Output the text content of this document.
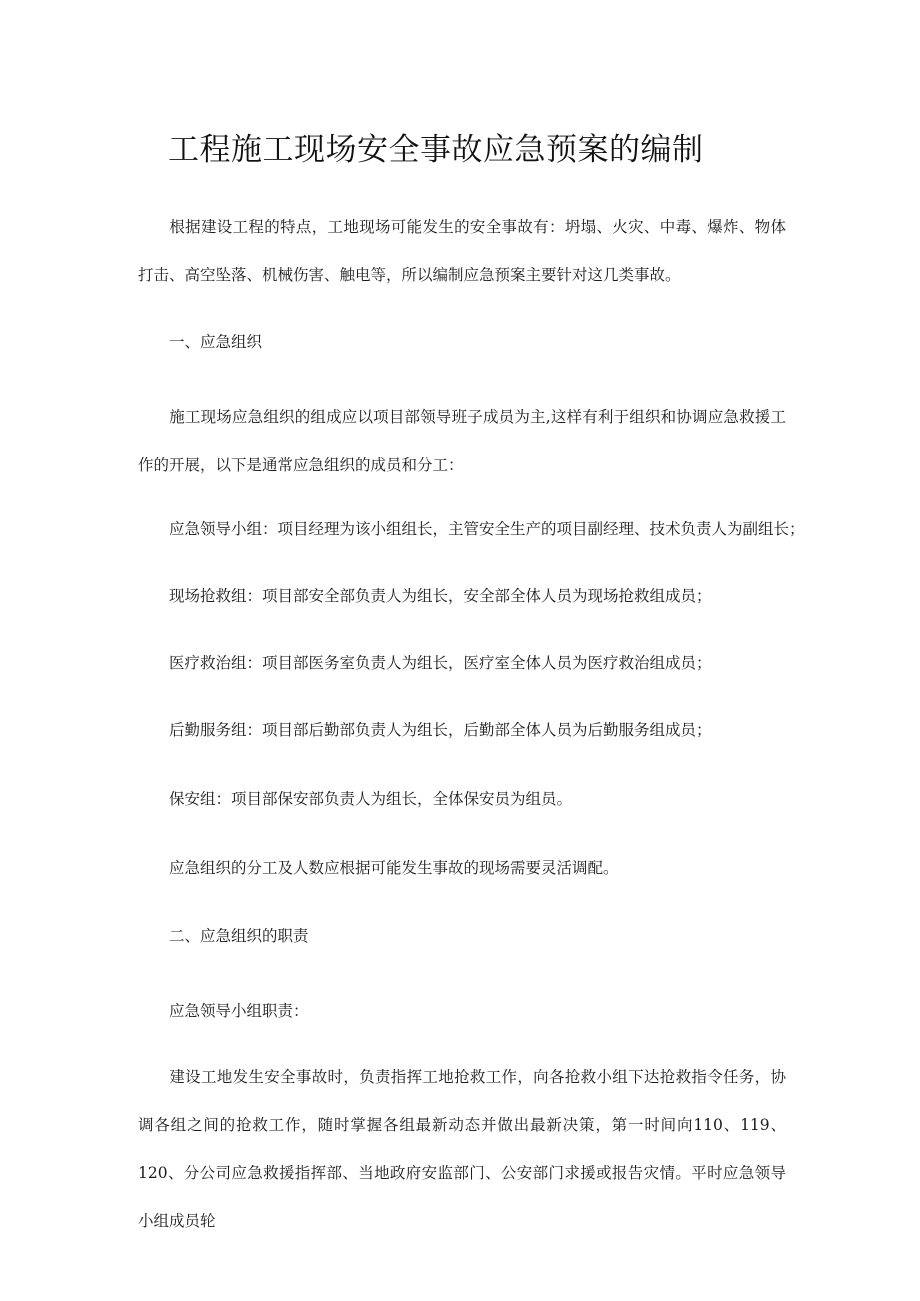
工程施工现场安全事故应急预案的编制

根据建设工程的特点，工地现场可能发生的安全事故有：坍塌、火灾、中毒、爆炸、物体打击、高空坠落、机械伤害、触电等，所以编制应急预案主要针对这几类事故。

一、应急组织

施工现场应急组织的组成应以项目部领导班子成员为主,这样有利于组织和协调应急救援工作的开展，以下是通常应急组织的成员和分工：

应急领导小组：项目经理为该小组组长，主管安全生产的项目副经理、技术负责人为副组长；

现场抢救组：项目部安全部负责人为组长，安全部全体人员为现场抢救组成员；

医疗救治组：项目部医务室负责人为组长，医疗室全体人员为医疗救治组成员；

后勤服务组：项目部后勤部负责人为组长，后勤部全体人员为后勤服务组成员；

保安组：项目部保安部负责人为组长，全体保安员为组员。

应急组织的分工及人数应根据可能发生事故的现场需要灵活调配。

二、应急组织的职责

应急领导小组职责：

建设工地发生安全事故时，负责指挥工地抢救工作，向各抢救小组下达抢救指令任务，协调各组之间的抢救工作，随时掌握各组最新动态并做出最新决策，第一时间向110、119、120、分公司应急救援指挥部、当地政府安监部门、公安部门求援或报告灾情。平时应急领导小组成员轮
